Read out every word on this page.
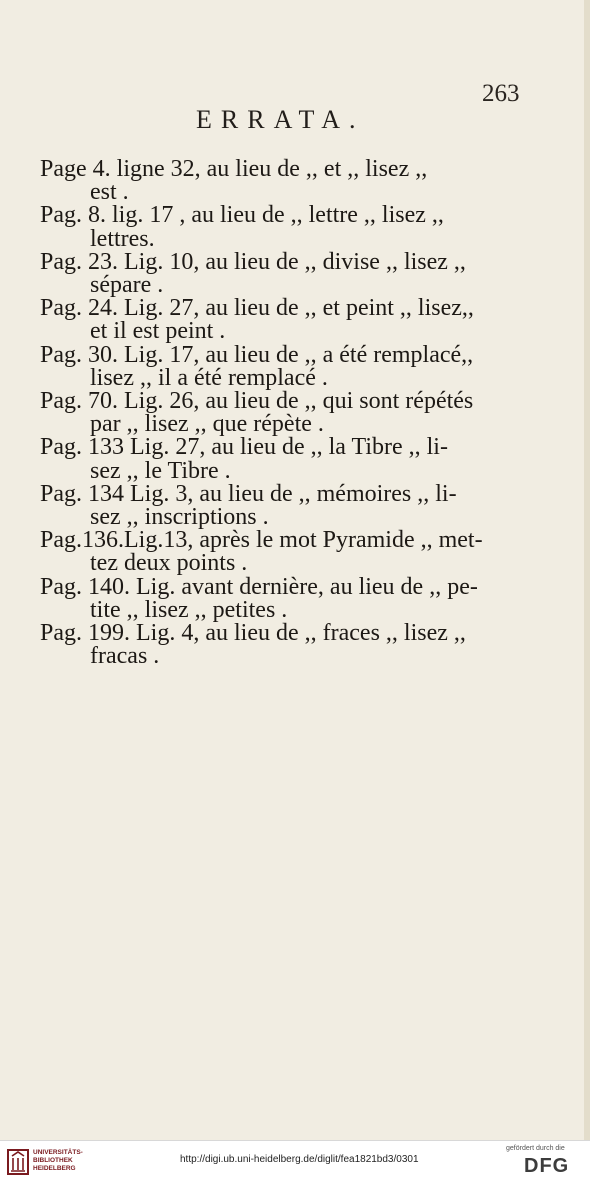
263
ERRATA.
Page 4. ligne 32, au lieu de ,, et ,, lisez ,,
est .
Pag. 8. lig. 17 , au lieu de ,, lettre ,, lisez ,,
lettres.
Pag. 23. Lig. 10, au lieu de ,, divise ,, lisez ,,
sépare .
Pag. 24. Lig. 27, au lieu de ,, et peint ,, lisez,,
et il est peint .
Pag. 30. Lig. 17, au lieu de ,, a été remplacé,,
lisez ,, il a été remplacé .
Pag. 70. Lig. 26, au lieu de ,, qui sont répétés
par ,, lisez ,, que répète .
Pag. 133 Lig. 27, au lieu de ,, la Tibre ,, li-
sez ,, le Tibre .
Pag. 134 Lig. 3, au lieu de ,, mémoires ,, li-
sez ,, inscriptions .
Pag.136.Lig.13, après le mot Pyramide ,, met-
tez deux points .
Pag. 140. Lig. avant dernière, au lieu de ,, pe-
tite ,, lisez ,, petites .
Pag. 199. Lig. 4, au lieu de ,, fraces ,, lisez ,,
fracas .
UNIVERSITÄTS-
BIBLIOTHEK
HEIDELBERG
http://digi.ub.uni-heidelberg.de/diglit/fea1821bd3/0301
gefördert durch die
DFG
